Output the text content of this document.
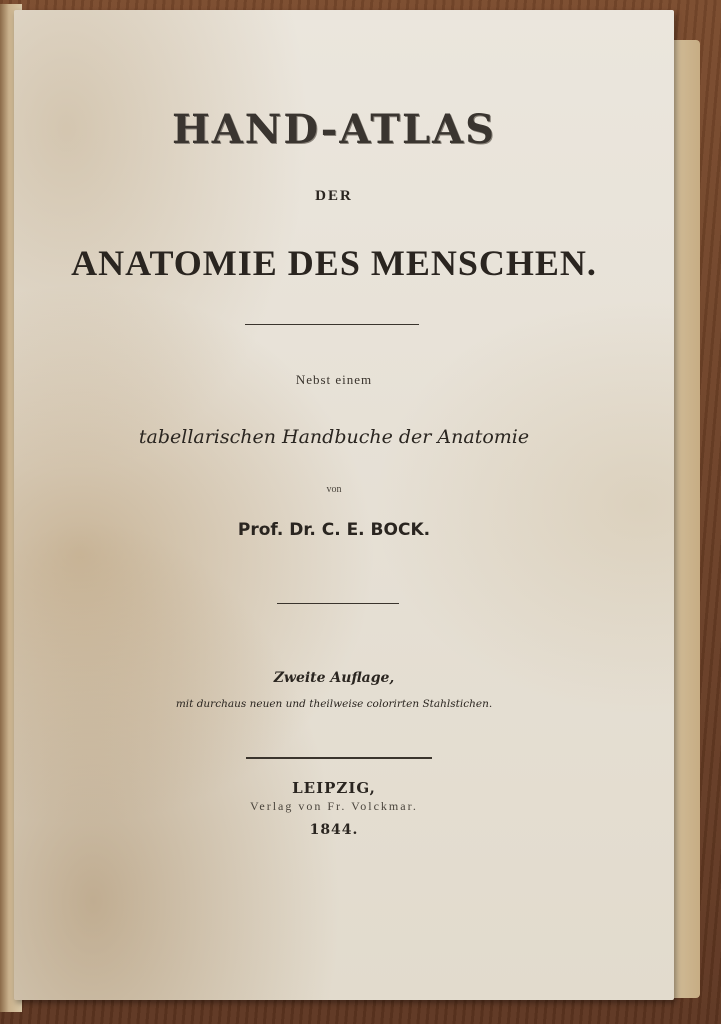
HAND-ATLAS
DER
ANATOMIE DES MENSCHEN.
Nebst einem
tabellarischen Handbuche der Anatomie
von
Prof. Dr. C. E. BOCK.
Zweite Auflage,
mit durchaus neuen und theilweise colorirten Stahlstichen.
LEIPZIG,
Verlag von Fr. Volckmar.
1844.
